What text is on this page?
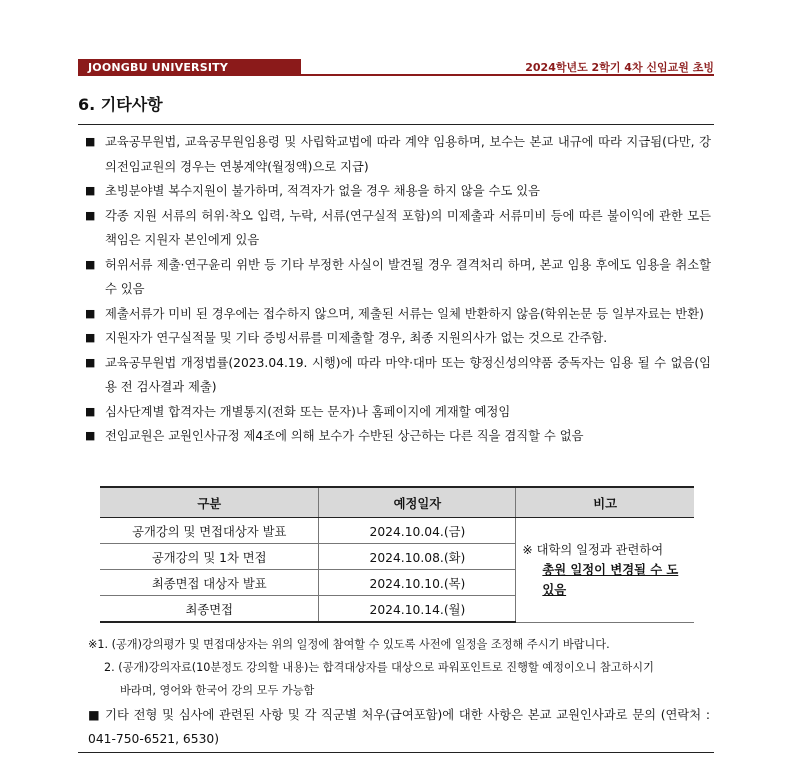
JOONGBU UNIVERSITY	2024학년도 2학기 4차 신임교원 초빙
6. 기타사항
■ 교육공무원법, 교육공무원임용령 및 사립학교법에 따라 계약 임용하며, 보수는 본교 내규에 따라 지급됨(다만, 강의전임교원의 경우는 연봉계약(월정액)으로 지급)
■ 초빙분야별 복수지원이 불가하며, 적격자가 없을 경우 채용을 하지 않을 수도 있음
■ 각종 지원 서류의 허위·착오 입력, 누락, 서류(연구실적 포함)의 미제출과 서류미비 등에 따른 불이익에 관한 모든 책임은 지원자 본인에게 있음
■ 허위서류 제출·연구윤리 위반 등 기타 부정한 사실이 발견될 경우 결격처리 하며, 본교 임용 후에도 임용을 취소할 수 있음
■ 제출서류가 미비 된 경우에는 접수하지 않으며, 제출된 서류는 일체 반환하지 않음(학위논문 등 일부자료는 반환)
■ 지원자가 연구실적물 및 기타 증빙서류를 미제출할 경우, 최종 지원의사가 없는 것으로 간주함.
■ 교육공무원법 개정법률(2023.04.19. 시행)에 따라 마약·대마 또는 향정신성의약품 중독자는 임용 될 수 없음(임용 전 검사결과 제출)
■ 심사단계별 합격자는 개별통지(전화 또는 문자)나 홈페이지에 게재할 예정임
■ 전임교원은 교원인사규정 제4조에 의해 보수가 수반된 상근하는 다른 직을 겸직할 수 없음
구분	예정일자	비고
공개강의 및 면접대상자 발표	2024.10.04.(금)	※ 대학의 일정과 관련하여
총원 일정이 변경될 수 도 있음

공개강의 및 1차 면접	2024.10.08.(화)	
최종면접 대상자 발표	2024.10.10.(목)	
최종면접	2024.10.14.(월)	
※1. (공개)강의평가 및 면접대상자는 위의 일정에 참여할 수 있도록 사전에 일정을 조정해 주시기 바랍니다.
2. (공개)강의자료(10분정도 강의할 내용)는 합격대상자를 대상으로 파워포인트로 진행할 예정이오니 참고하시기
바라며, 영어와 한국어 강의 모두 가능함
■ 기타 전형 및 심사에 관련된 사항 및 각 직군별 처우(급여포함)에 대한 사항은 본교 교원인사과로 문의 (연락처 : 041-750-6521, 6530)
